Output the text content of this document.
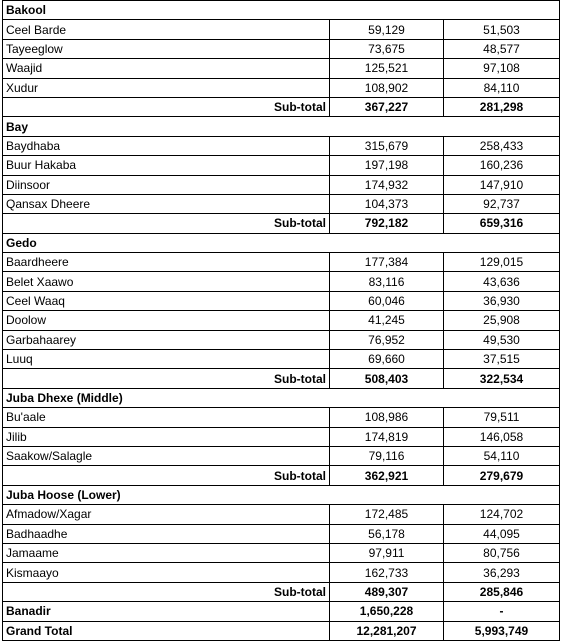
Bakool		
Ceel Barde	59,129	51,503
Tayeeglow	73,675	48,577
Waajid	125,521	97,108
Xudur	108,902	84,110
Sub-total	367,227	281,298
Bay		
Baydhaba	315,679	258,433
Buur Hakaba	197,198	160,236
Diinsoor	174,932	147,910
Qansax Dheere	104,373	92,737
Sub-total	792,182	659,316
Gedo		
Baardheere	177,384	129,015
Belet Xaawo	83,116	43,636
Ceel Waaq	60,046	36,930
Doolow	41,245	25,908
Garbahaarey	76,952	49,530
Luuq	69,660	37,515
Sub-total	508,403	322,534
Juba Dhexe (Middle)		
Bu'aale	108,986	79,511
Jilib	174,819	146,058
Saakow/Salagle	79,116	54,110
Sub-total	362,921	279,679
Juba Hoose (Lower)		
Afmadow/Xagar	172,485	124,702
Badhaadhe	56,178	44,095
Jamaame	97,911	80,756
Kismaayo	162,733	36,293
Sub-total	489,307	285,846
Banadir	1,650,228	-
Grand Total	12,281,207	5,993,749
